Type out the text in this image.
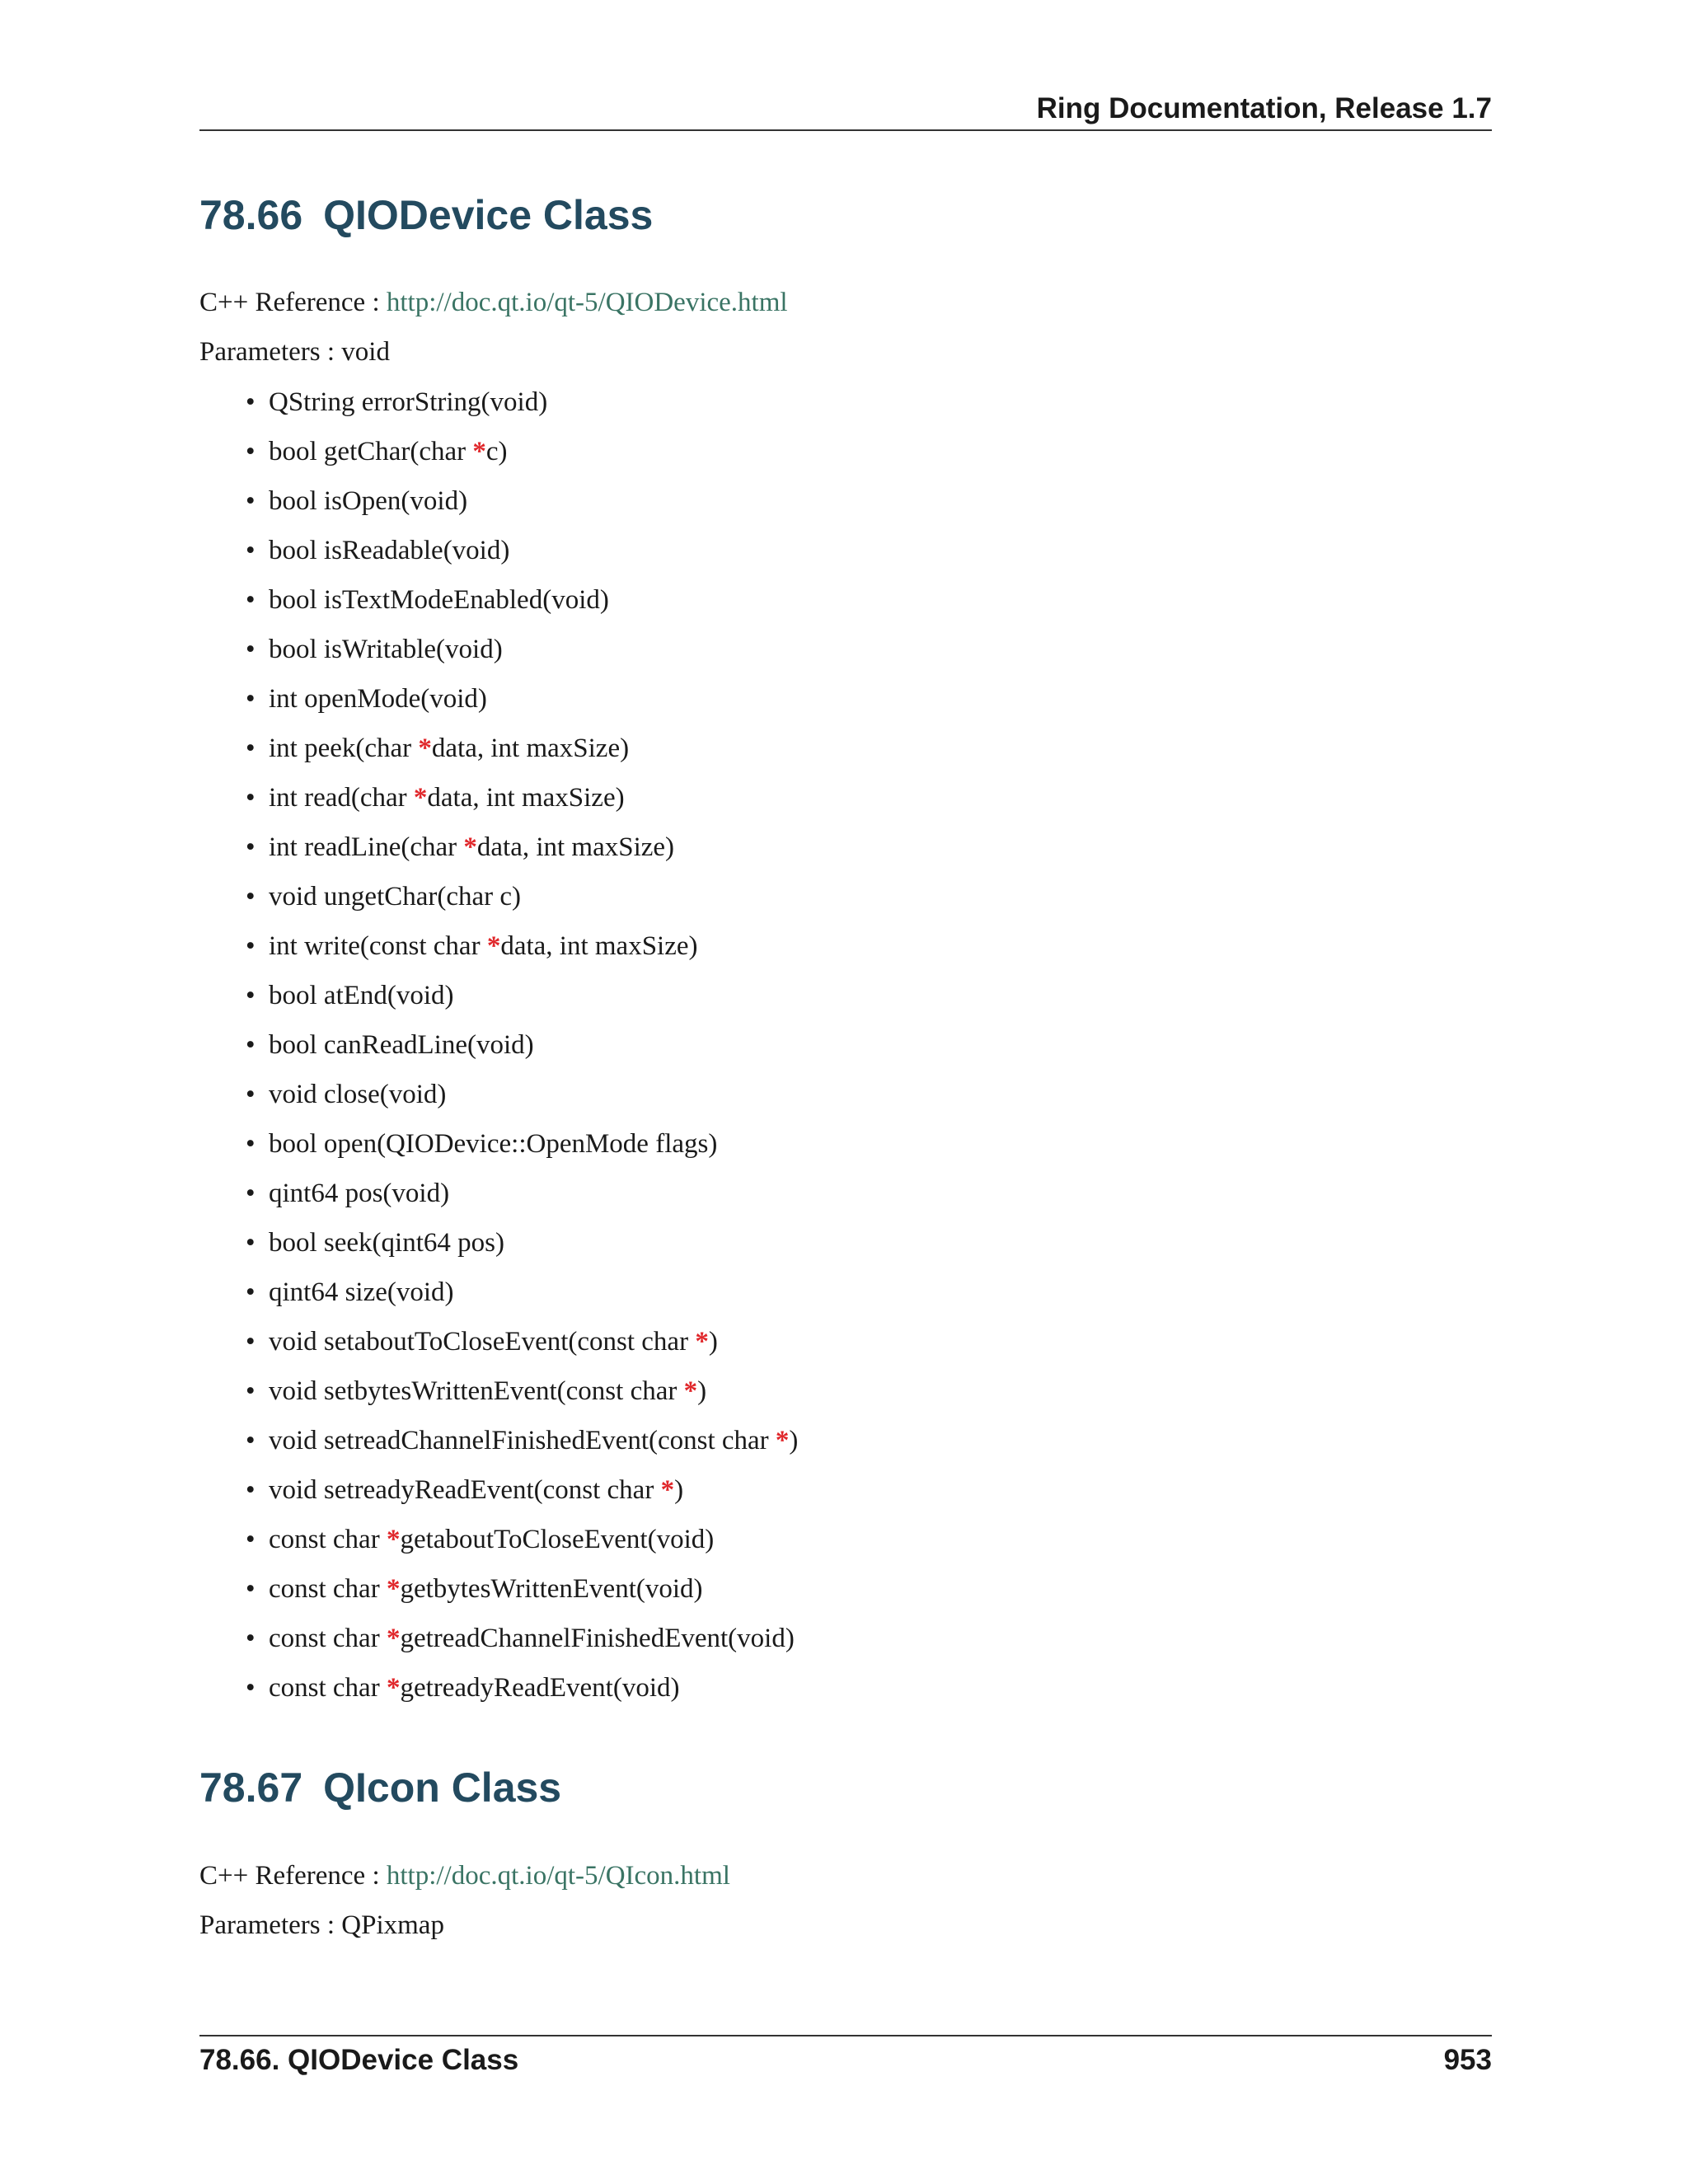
Ring Documentation, Release 1.7
78.66 QIODevice Class
C++ Reference : http://doc.qt.io/qt-5/QIODevice.html
Parameters : void
• QString errorString(void)
• bool getChar(char *c)
• bool isOpen(void)
• bool isReadable(void)
• bool isTextModeEnabled(void)
• bool isWritable(void)
• int openMode(void)
• int peek(char *data, int maxSize)
• int read(char *data, int maxSize)
• int readLine(char *data, int maxSize)
• void ungetChar(char c)
• int write(const char *data, int maxSize)
• bool atEnd(void)
• bool canReadLine(void)
• void close(void)
• bool open(QIODevice::OpenMode flags)
• qint64 pos(void)
• bool seek(qint64 pos)
• qint64 size(void)
• void setaboutToCloseEvent(const char *)
• void setbytesWrittenEvent(const char *)
• void setreadChannelFinishedEvent(const char *)
• void setreadyReadEvent(const char *)
• const char *getaboutToCloseEvent(void)
• const char *getbytesWrittenEvent(void)
• const char *getreadChannelFinishedEvent(void)
• const char *getreadyReadEvent(void)
78.67 QIcon Class
C++ Reference : http://doc.qt.io/qt-5/QIcon.html
Parameters : QPixmap
78.66. QIODevice Class	953
